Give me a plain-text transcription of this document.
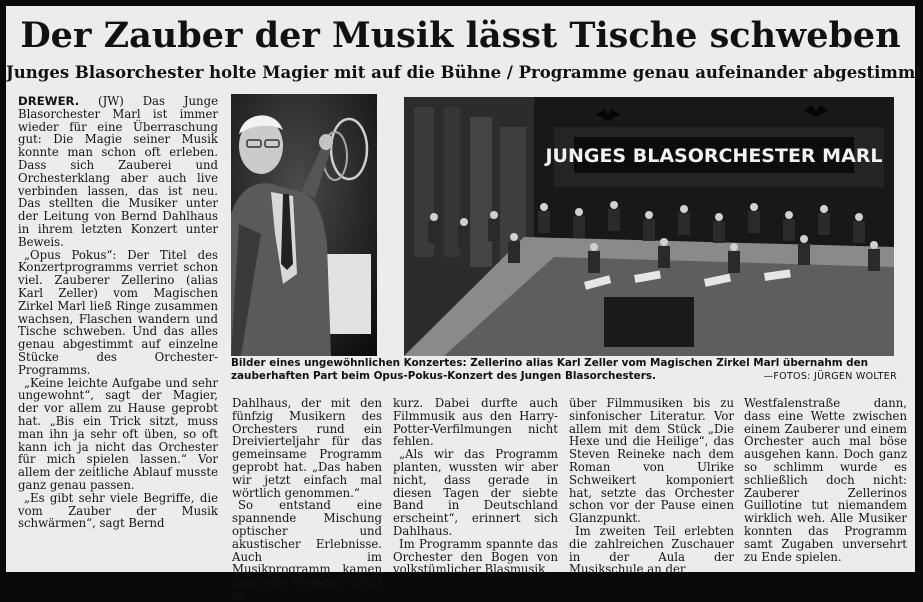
Der Zauber der Musik lässt Tische schweben
Junges Blasorchester holte Magier mit auf die Bühne / Programme genau aufeinander abgestimmt

DREWER. (JW) Das Junge Blasorchester Marl ist immer wieder für eine Überraschung gut: Die Magie seiner Musik konnte man schon oft erleben. Dass sich Zauberei und Orchesterklang aber auch live verbinden lassen, das ist neu. Das stellten die Musiker unter der Leitung von Bernd Dahlhaus in ihrem letzten Konzert unter Beweis.

„Opus Pokus“: Der Titel des Konzertprogramms verriet schon viel. Zauberer Zellerino (alias Karl Zeller) vom Magischen Zirkel Marl ließ Ringe zusammen wachsen, Flaschen wandern und Tische schweben. Und das alles genau abgestimmt auf einzelne Stücke des Orchester-Programms.

„Keine leichte Aufgabe und sehr ungewohnt“, sagt der Magier, der vor allem zu Hause geprobt hat. „Bis ein Trick sitzt, muss man ihn ja sehr oft üben, so oft kann ich ja nicht das Orchester für mich spielen lassen.“ Vor allem der zeitliche Ablauf musste ganz genau passen.

„Es gibt sehr viele Begriffe, die vom Zauber der Musik schwärmen“, sagt Bernd

JUNGES BLASORCHESTER MARL
Bilder eines ungewöhnlichen Konzertes: Zellerino alias Karl Zeller vom Magischen Zirkel Marl übernahm den zauberhaften Part beim Opus-Pokus-Konzert des Jungen Blasorchesters.	—FOTOS: JÜRGEN WOLTER

Dahlhaus, der mit den fünfzig Musikern des Orchesters rund ein Dreivierteljahr für das gemeinsame Programm geprobt hat. „Das haben wir jetzt einfach mal wörtlich genommen.“

So entstand eine spannende Mischung optischer und akustischer Erlebnisse. Auch im Musikprogramm kamen magische Momente nicht zu

kurz. Dabei durfte auch Filmmusik aus den Harry-Potter-Verfilmungen nicht fehlen.

„Als wir das Programm planten, wussten wir aber nicht, dass gerade in diesen Tagen der siebte Band in Deutschland erscheint“, erinnert sich Dahlhaus.

Im Programm spannte das Orchester den Bogen von volkstümlicher Blasmusik

über Filmmusiken bis zu sinfonischer Literatur. Vor allem mit dem Stück „Die Hexe und die Heilige“, das Steven Reineke nach dem Roman von Ulrike Schweikert komponiert hat, setzte das Orchester schon vor der Pause einen Glanzpunkt.

Im zweiten Teil erlebten die zahlreichen Zuschauer in der Aula der Musikschule an der

Westfalenstraße dann, dass eine Wette zwischen einem Zauberer und einem Orchester auch mal böse ausgehen kann. Doch ganz so schlimm wurde es schließlich doch nicht: Zauberer Zellerinos Guillotine tut niemandem wirklich weh. Alle Musiker konnten das Programm samt Zugaben unversehrt zu Ende spielen.
